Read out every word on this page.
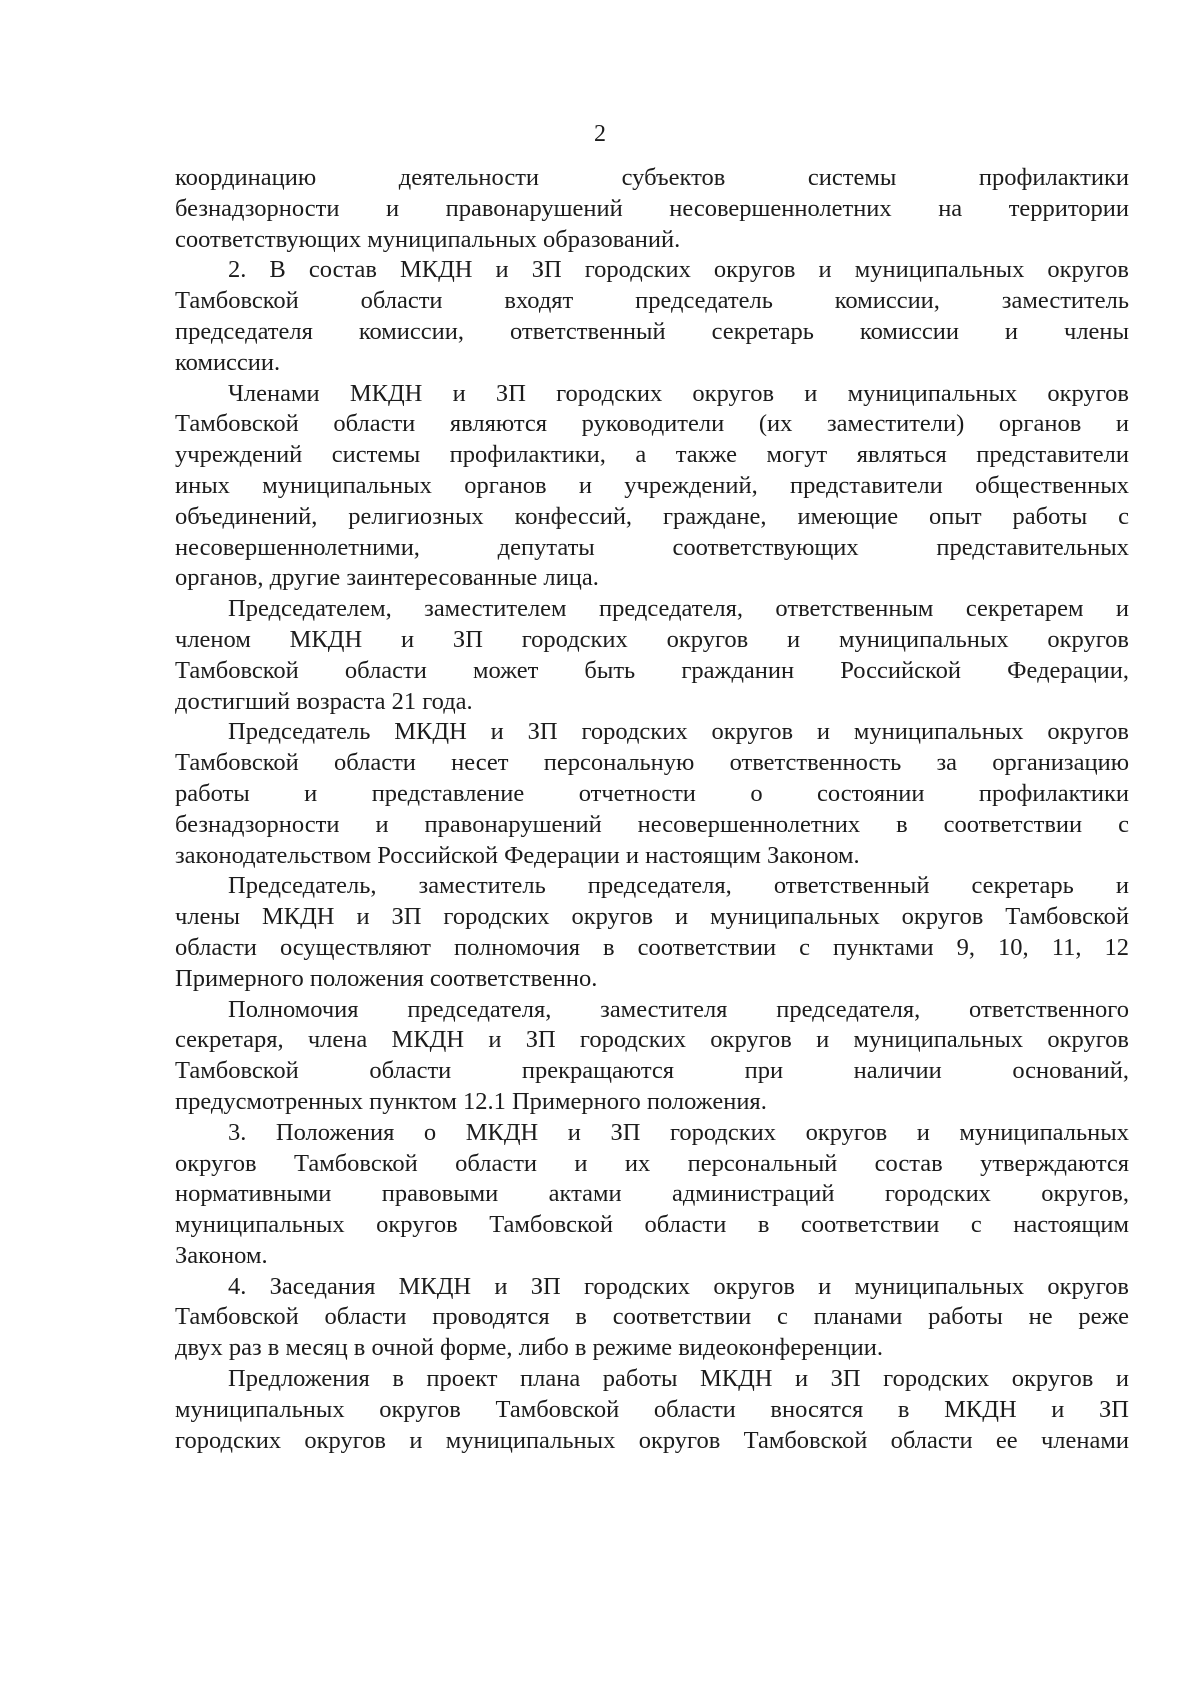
2
координацию деятельности субъектов системы профилактики
безнадзорности и правонарушений несовершеннолетних на территории
соответствующих муниципальных образований.
2. В состав МКДН и ЗП городских округов и муниципальных округов
Тамбовской области входят председатель комиссии, заместитель
председателя комиссии, ответственный секретарь комиссии и члены
комиссии.
Членами МКДН и ЗП городских округов и муниципальных округов
Тамбовской области являются руководители (их заместители) органов и
учреждений системы профилактики, а также могут являться представители
иных муниципальных органов и учреждений, представители общественных
объединений, религиозных конфессий, граждане, имеющие опыт работы с
несовершеннолетними, депутаты соответствующих представительных
органов, другие заинтересованные лица.
Председателем, заместителем председателя, ответственным секретарем и
членом МКДН и ЗП городских округов и муниципальных округов
Тамбовской области может быть гражданин Российской Федерации,
достигший возраста 21 года.
Председатель МКДН и ЗП городских округов и муниципальных округов
Тамбовской области несет персональную ответственность за организацию
работы и представление отчетности о состоянии профилактики
безнадзорности и правонарушений несовершеннолетних в соответствии с
законодательством Российской Федерации и настоящим Законом.
Председатель, заместитель председателя, ответственный секретарь и
члены МКДН и ЗП городских округов и муниципальных округов Тамбовской
области осуществляют полномочия в соответствии с пунктами 9, 10, 11, 12
Примерного положения соответственно.
Полномочия председателя, заместителя председателя, ответственного
секретаря, члена МКДН и ЗП городских округов и муниципальных округов
Тамбовской области прекращаются при наличии оснований,
предусмотренных пунктом 12.1 Примерного положения.
3. Положения о МКДН и ЗП городских округов и муниципальных
округов Тамбовской области и их персональный состав утверждаются
нормативными правовыми актами администраций городских округов,
муниципальных округов Тамбовской области в соответствии с настоящим
Законом.
4. Заседания МКДН и ЗП городских округов и муниципальных округов
Тамбовской области проводятся в соответствии с планами работы не реже
двух раз в месяц в очной форме, либо в режиме видеоконференции.
Предложения в проект плана работы МКДН и ЗП городских округов и
муниципальных округов Тамбовской области вносятся в МКДН и ЗП
городских округов и муниципальных округов Тамбовской области ее членами
